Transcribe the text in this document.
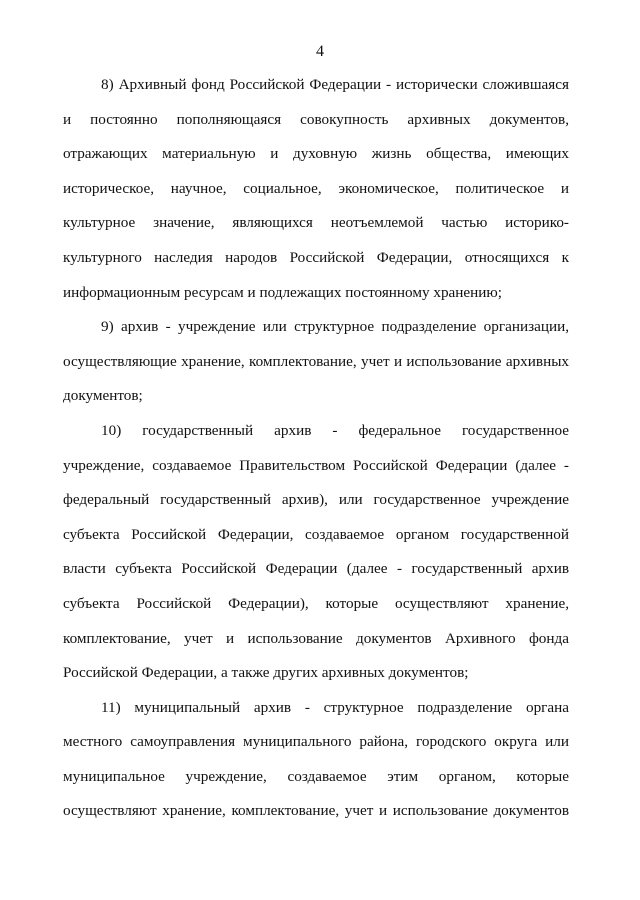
4
8) Архивный фонд Российской Федерации - исторически сложившаяся
и постоянно пополняющаяся совокупность архивных документов,
отражающих материальную и духовную жизнь общества, имеющих
историческое, научное, социальное, экономическое, политическое и
культурное значение, являющихся неотъемлемой частью историко-
культурного наследия народов Российской Федерации, относящихся к
информационным ресурсам и подлежащих постоянному хранению;
9) архив - учреждение или структурное подразделение организации,
осуществляющие хранение, комплектование, учет и использование архивных
документов;
10) государственный архив - федеральное государственное
учреждение, создаваемое Правительством Российской Федерации (далее -
федеральный государственный архив), или государственное учреждение
субъекта Российской Федерации, создаваемое органом государственной
власти субъекта Российской Федерации (далее - государственный архив
субъекта Российской Федерации), которые осуществляют хранение,
комплектование, учет и использование документов Архивного фонда
Российской Федерации, а также других архивных документов;
11) муниципальный архив - структурное подразделение органа
местного самоуправления муниципального района, городского округа или
муниципальное учреждение, создаваемое этим органом, которые
осуществляют хранение, комплектование, учет и использование документов
